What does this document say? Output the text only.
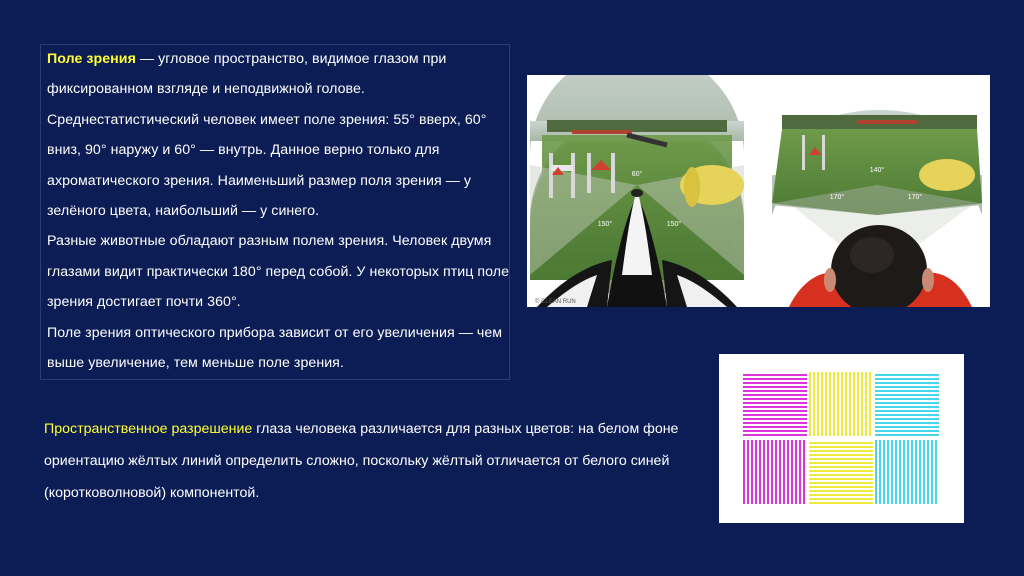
Поле зрения — угловое пространство, видимое глазом при фиксированном взгляде и неподвижной голове.
Среднестатистический человек имеет поле зрения: 55° вверх, 60° вниз, 90° наружу и 60° — внутрь. Данное верно только для ахроматического зрения. Наименьший размер поля зрения — у зелёного цвета, наибольший — у синего.
Разные животные обладают разным полем зрения. Человек двумя глазами видит практически 180° перед собой. У некоторых птиц поле зрения достигает почти 360°.
Поле зрения оптического прибора зависит от его увеличения — чем выше увеличение, тем меньше поле зрения.
Пространственное разрешение глаза человека различается для разных цветов: на белом фоне ориентацию жёлтых линий определить сложно, поскольку жёлтый отличается от белого синей (коротковолновой) компонентой.
60°
150°	150°
140°
170°	170°
© CLEAN RUN
